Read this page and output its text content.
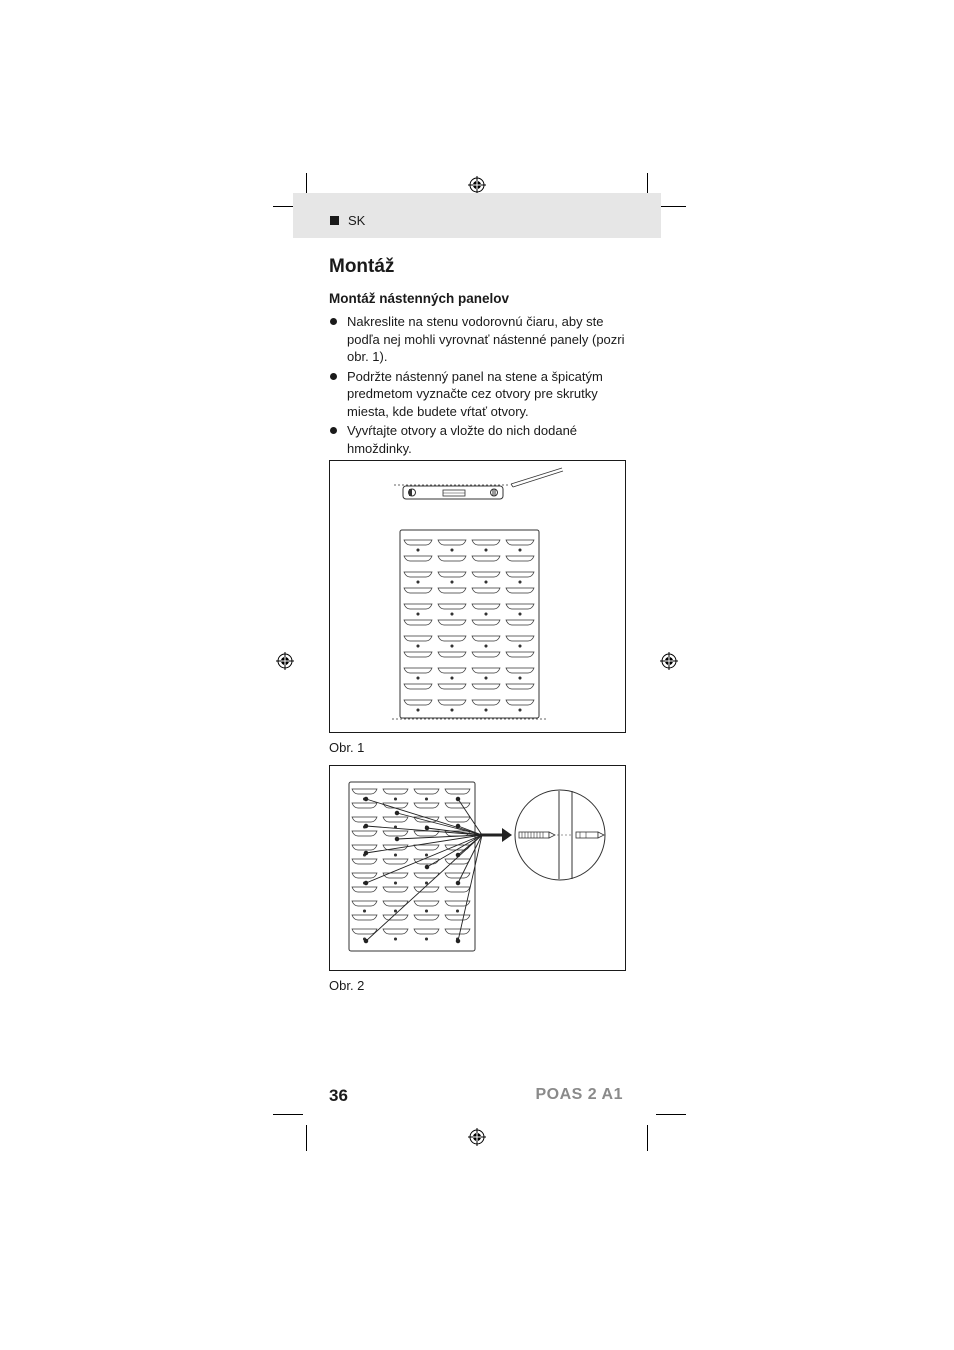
SK
Montáž
Montáž nástenných panelov
Nakreslite na stenu vodorovnú čiaru, aby ste podľa nej mohli vyrovnať nástenné panely (pozri obr. 1).
Podržte nástenný panel na stene a špicatým predmetom vyznačte cez otvory pre skrutky miesta, kde budete vŕtať otvory.
Vyvŕtajte otvory a vložte do nich dodané hmoždinky.
Obr. 1
Obr. 2
36	POAS 2 A1
